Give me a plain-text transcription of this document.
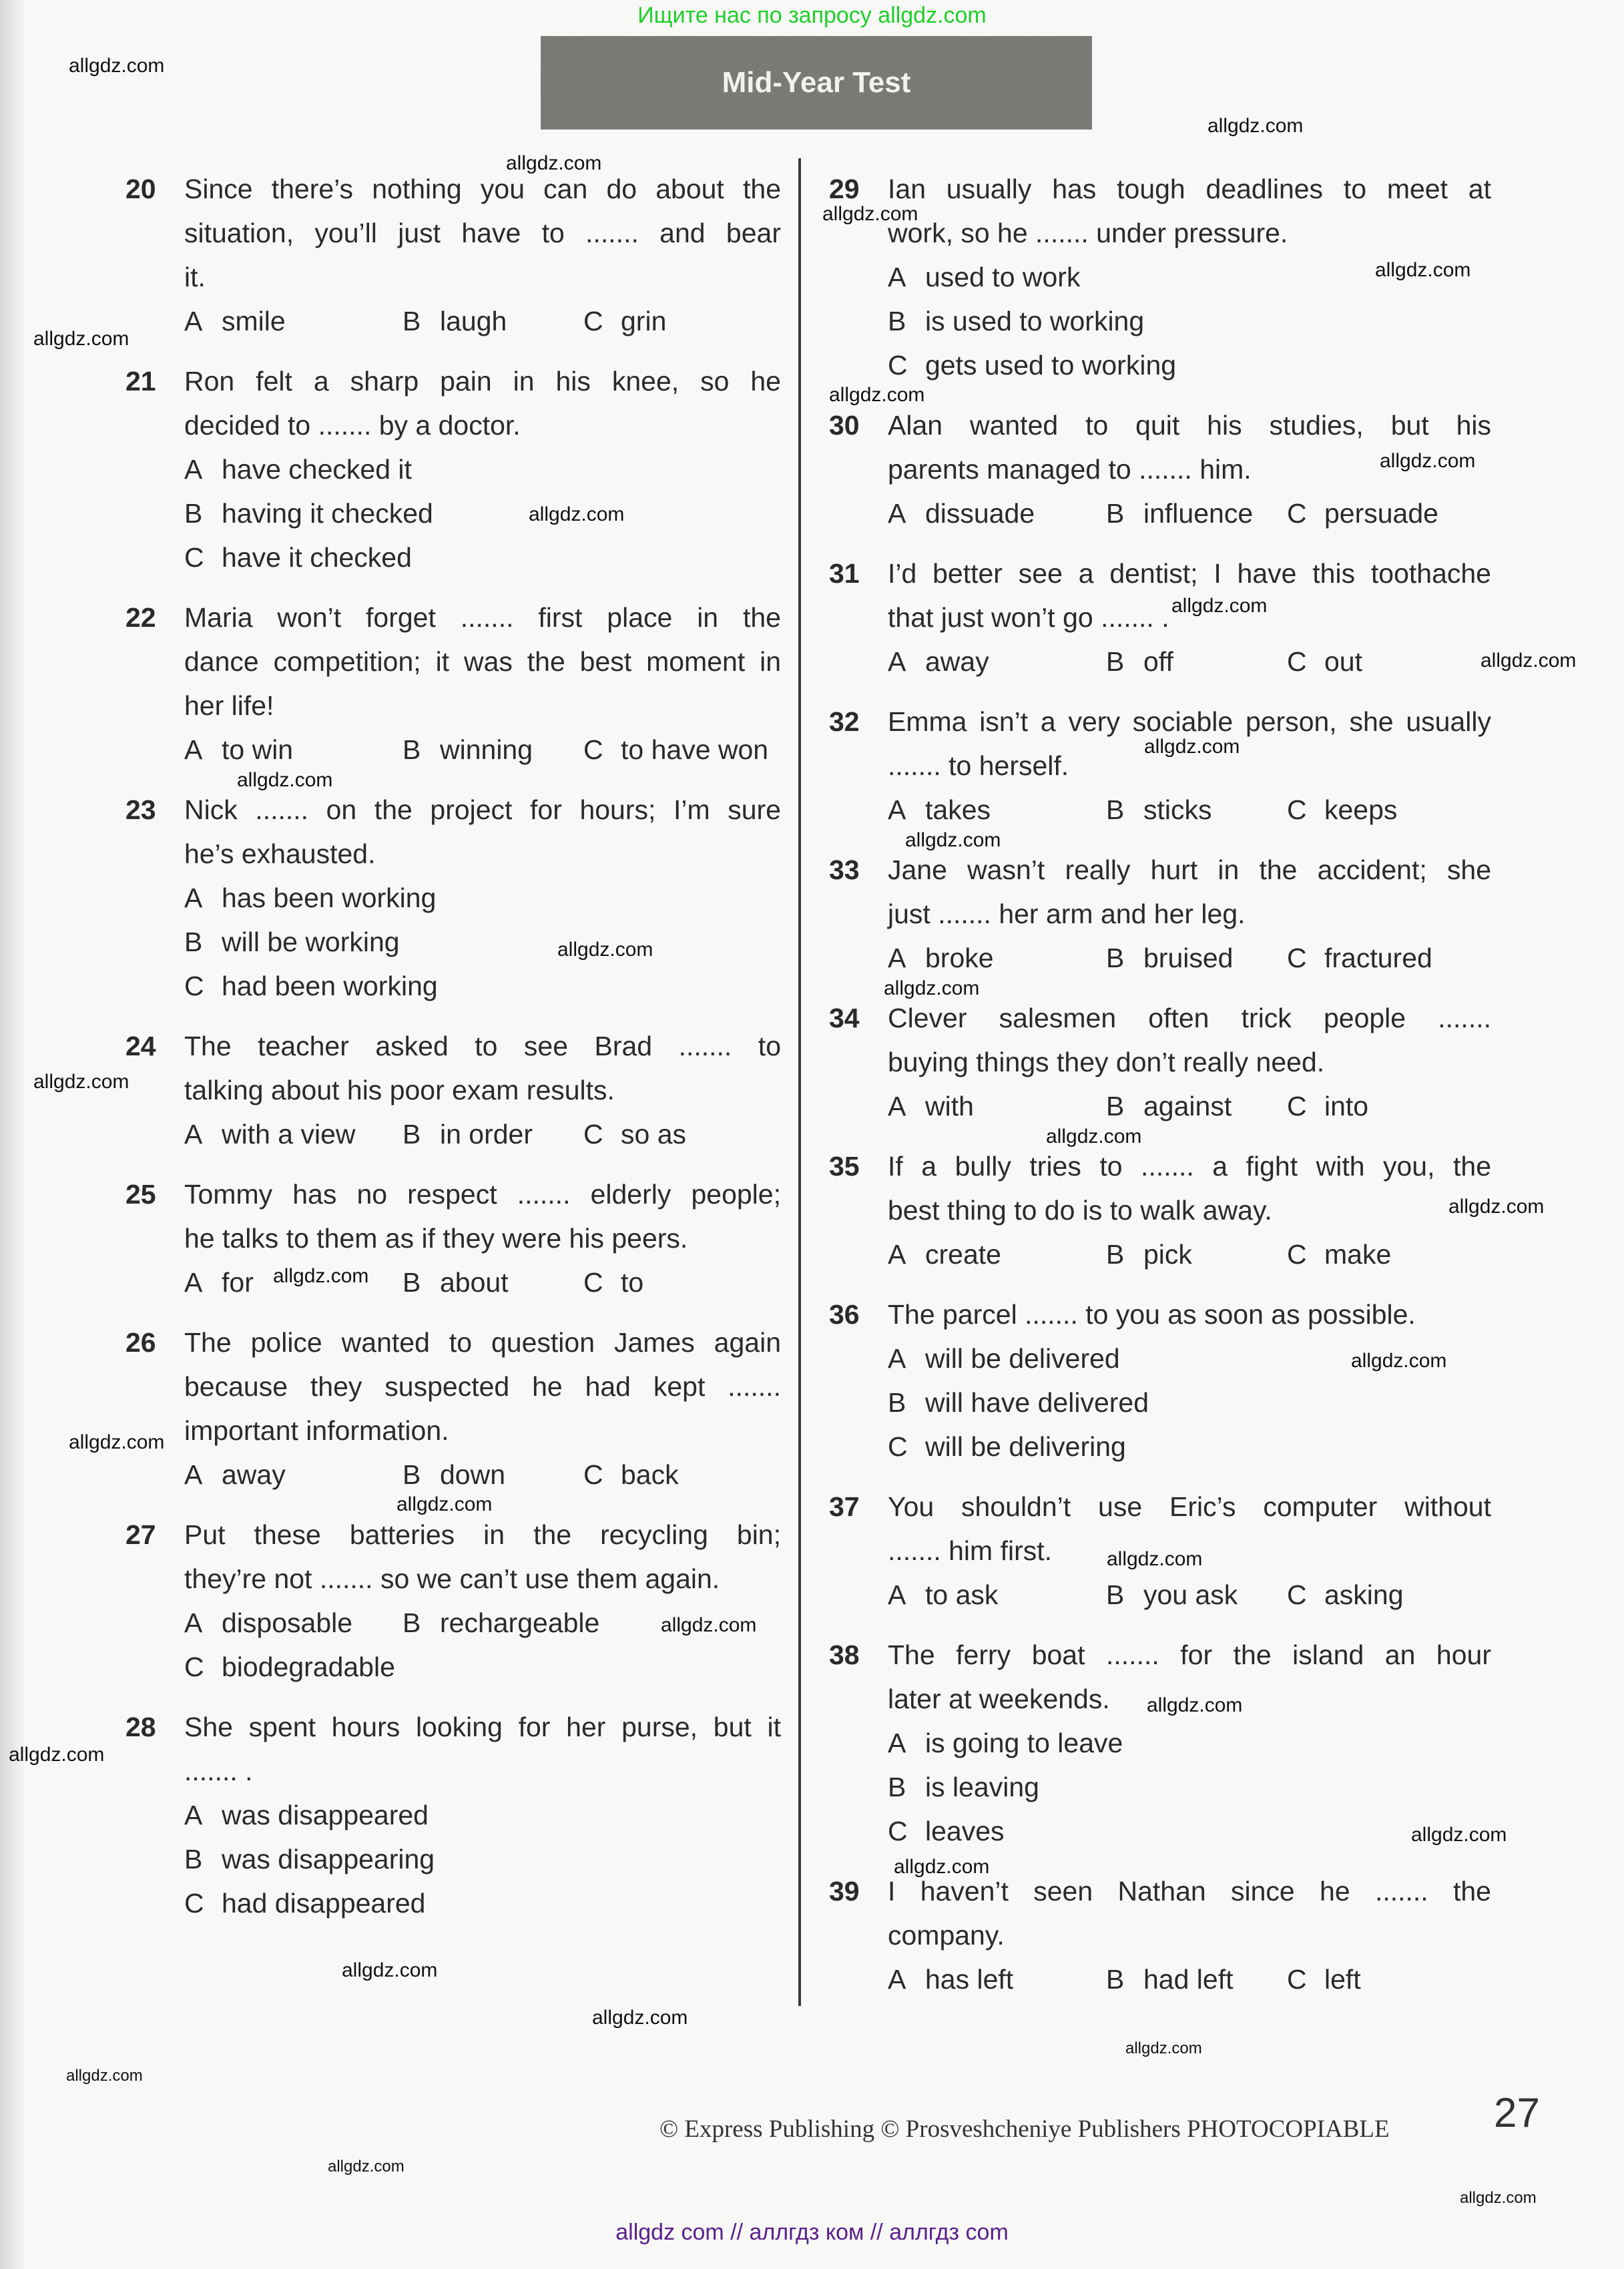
Ищите нас по запросу allgdz.com
Mid-Year Test
20 Since there’s nothing you can do about the
situation, you’ll just have to ....... and bear
it.
A smile	B laugh	C grin
21 Ron felt a sharp pain in his knee, so he
decided to ....... by a doctor.
A have checked it
B having it checked
C have it checked
22 Maria won’t forget ....... first place in the
dance competition; it was the best moment in
her life!
A to win	B winning C to have won
23 Nick ....... on the project for hours; I’m sure
he’s exhausted.
A has been working
B will be working
C had been working
24 The teacher asked to see Brad ....... to
talking about his poor exam results.
A with a view B in order C so as
25 Tommy has no respect ....... elderly people;
he talks to them as if they were his peers.
A for	B about	C to
26 The police wanted to question James again
because they suspected he had kept .......
important information.
A away	B down	C back
27 Put these batteries in the recycling bin;
they’re not ....... so we can’t use them again.
A disposable B rechargeable
C biodegradable
28 She spent hours looking for her purse, but it
....... .
A was disappeared
B was disappearing
C had disappeared
29 Ian usually has tough deadlines to meet at
work, so he ....... under pressure.
A used to work
B is used to working
C gets used to working
30 Alan wanted to quit his studies, but his
parents managed to ....... him.
A dissuade	B influence C persuade
31 I’d better see a dentist; I have this toothache
that just won’t go ....... .
A away	B off	C out
32 Emma isn’t a very sociable person, she usually
....... to herself.
A takes	B sticks	C keeps
33 Jane wasn’t really hurt in the accident; she
just ....... her arm and her leg.
A broke	B bruised C fractured
34 Clever salesmen often trick people .......
buying things they don’t really need.
A with	B against C into
35 If a bully tries to ....... a fight with you, the
best thing to do is to walk away.
A create	B pick	C make
36 The parcel ....... to you as soon as possible.
A will be delivered
B will have delivered
C will be delivering
37 You shouldn’t use Eric’s computer without
....... him first.
A to ask	B you ask C asking
38 The ferry boat ....... for the island an hour
later at weekends.
A is going to leave
B is leaving
C leaves
39 I haven’t seen Nathan since he ....... the
company.
A has left	B had left C left
allgdz.com
allgdz.com
allgdz.com
allgdz.com
allgdz.com
allgdz.com
allgdz.com
allgdz.com
allgdz.com
allgdz.com
allgdz.com
allgdz.com
allgdz.com
allgdz.com
allgdz.com
allgdz.com
allgdz.com
allgdz.com
allgdz.com
allgdz.com
allgdz.com
allgdz.com
allgdz.com
allgdz.com
allgdz.com
allgdz.com
allgdz.com
allgdz.com
allgdz.com
allgdz.com
allgdz.com
allgdz.com
allgdz.com
allgdz.com
allgdz.com
© Express Publishing © Prosveshcheniye Publishers PHOTOCOPIABLE	27
allgdz com // аллгдз ком // аллгдз com
